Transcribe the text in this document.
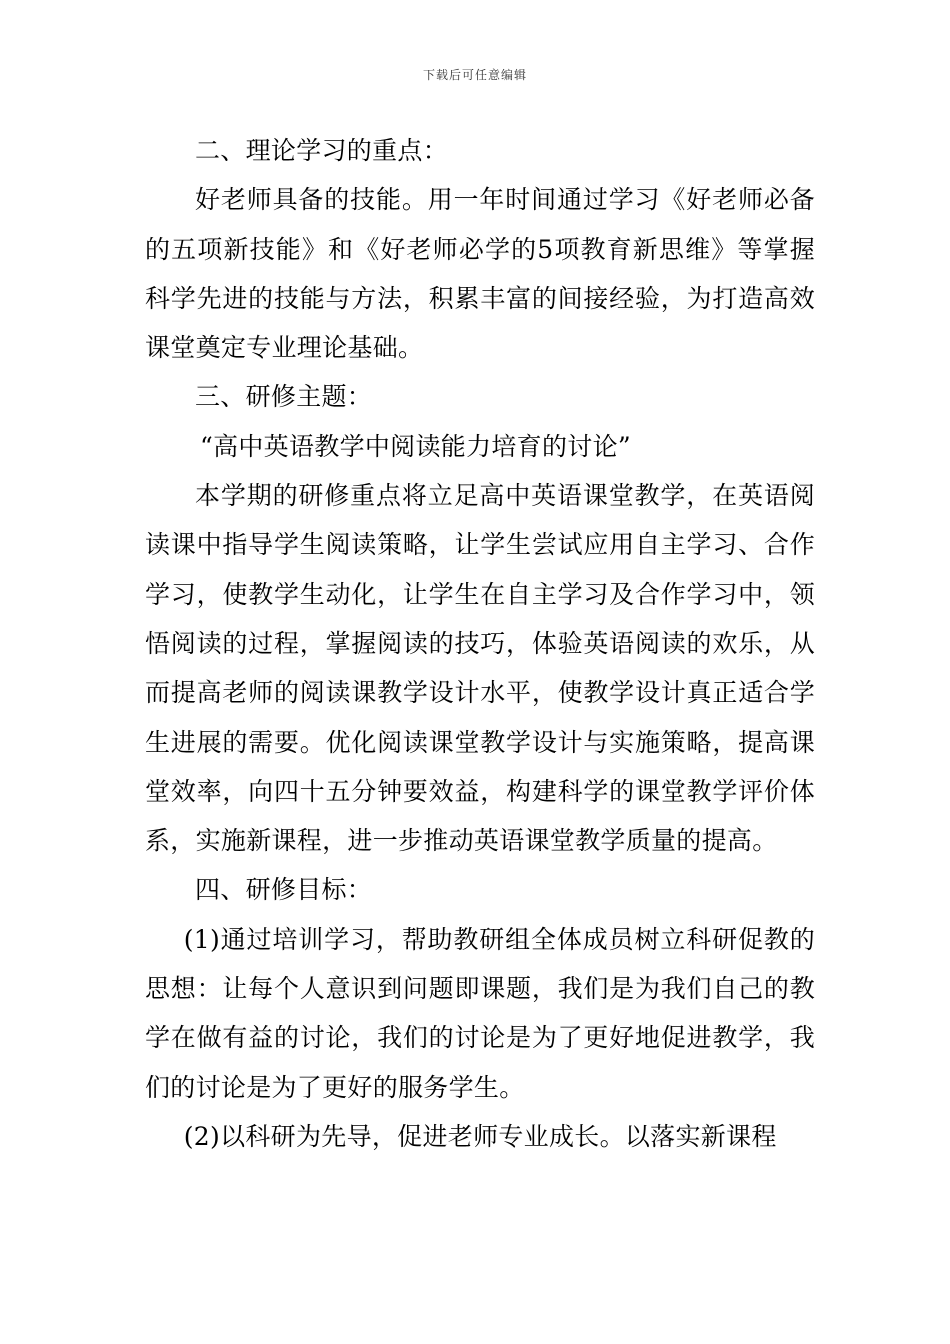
下载后可任意编辑

二、理论学习的重点：

好老师具备的技能。用一年时间通过学习《好老师必备的五项新技能》和《好老师必学的5项教育新思维》等掌握科学先进的技能与方法，积累丰富的间接经验，为打造高效课堂奠定专业理论基础。

三、研修主题：

“高中英语教学中阅读能力培育的讨论”

本学期的研修重点将立足高中英语课堂教学，在英语阅读课中指导学生阅读策略，让学生尝试应用自主学习、合作学习，使教学生动化，让学生在自主学习及合作学习中，领悟阅读的过程，掌握阅读的技巧，体验英语阅读的欢乐，从而提高老师的阅读课教学设计水平，使教学设计真正适合学生进展的需要。优化阅读课堂教学设计与实施策略，提高课堂效率，向四十五分钟要效益，构建科学的课堂教学评价体系，实施新课程，进一步推动英语课堂教学质量的提高。

四、研修目标：

(1)通过培训学习，帮助教研组全体成员树立科研促教的思想：让每个人意识到问题即课题，我们是为我们自己的教学在做有益的讨论，我们的讨论是为了更好地促进教学，我们的讨论是为了更好的服务学生。

(2)以科研为先导，促进老师专业成长。以落实新课程
